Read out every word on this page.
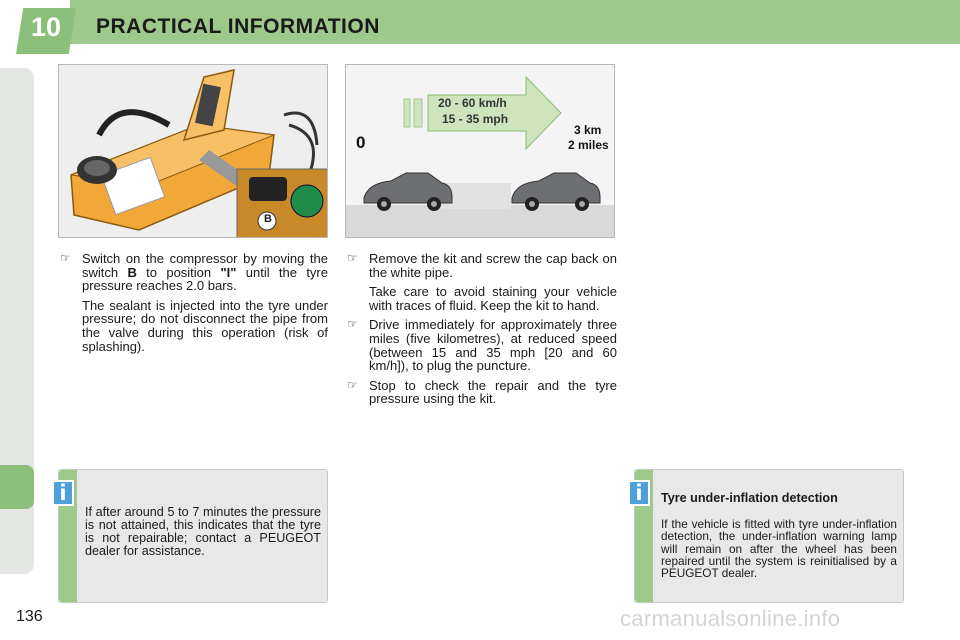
10	PRACTICAL INFORMATION
B
20 - 60 km/h
15 - 35 mph
0
3 km
2 miles
☞ Switch on the compressor by moving the switch B to position "I" until the tyre pressure reaches 2.0 bars.
The sealant is injected into the tyre under pressure; do not disconnect the pipe from the valve during this operation (risk of splashing).
☞ Remove the kit and screw the cap back on the white pipe.
Take care to avoid staining your vehicle with traces of fluid. Keep the kit to hand.
☞ Drive immediately for approximately three miles (five kilometres), at reduced speed (between 15 and 35 mph [20 and 60 km/h]), to plug the puncture.
☞ Stop to check the repair and the tyre pressure using the kit.
If after around 5 to 7 minutes the pressure is not attained, this indicates that the tyre is not repairable; contact a PEUGEOT dealer for assistance.
i	Tyre under-inflation detection
If the vehicle is fitted with tyre under-inflation detection, the under-inflation warning lamp will remain on after the wheel has been repaired until the system is reinitialised by a PEUGEOT dealer.
i
136	carmanualsonline.info
